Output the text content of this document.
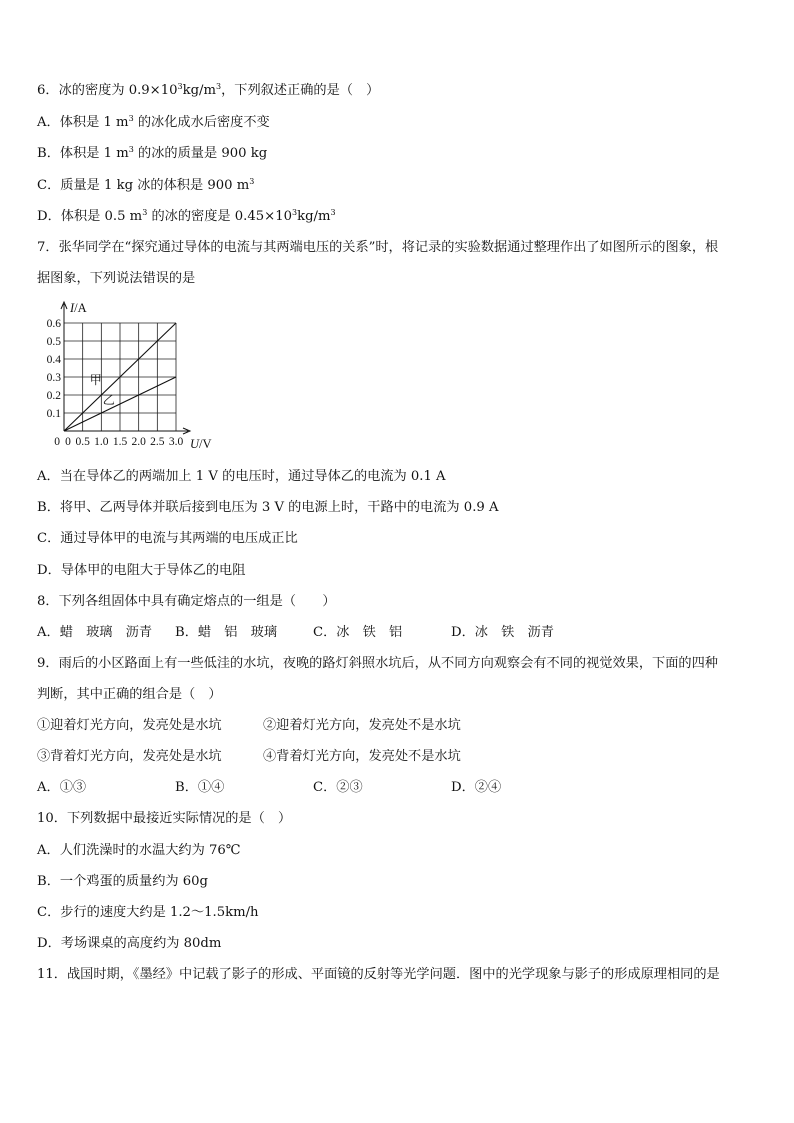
6．冰的密度为 $0.9\times 10^3kg/m^3$，下列叙述正确的是（　）
A．体积是 1 $m^3$ 的冰化成水后密度不变
B．体积是 1 $m^3$ 的冰的质量是 900 kg
C．质量是 1 kg 冰的体积是 900 $m^3$
D．体积是 0.5 $m^3$ 的冰的密度是 $0.45\times 10^3kg/m^3$
7．张华同学在“探究通过导体的电流与其两端电压的关系”时，将记录的实验数据通过整理作出了如图所示的图象，根
据图象，下列说法错误的是
甲
乙
0.1
0.2
0.3
0.4
0.5
0.6
0 0.5 1.0 1.5 2.0 2.5 3.0
0
I/A
U/V
A．当在导体乙的两端加上 1 V 的电压时，通过导体乙的电流为 0.1 A
B．将甲、乙两导体并联后接到电压为 3 V 的电源上时，干路中的电流为 0.9 A
C．通过导体甲的电流与其两端的电压成正比
D．导体甲的电阻大于导体乙的电阻
8．下列各组固体中具有确定熔点的一组是（　　）
A．蜡　玻璃　沥青 B．蜡　铝　玻璃	C．冰　铁　铝	D．冰　铁　沥青
9．雨后的小区路面上有一些低洼的水坑，夜晚的路灯斜照水坑后，从不同方向观察会有不同的视觉效果，下面的四种
判断，其中正确的组合是（　）
①迎着灯光方向，发亮处是水坑	②迎着灯光方向，发亮处不是水坑
③背着灯光方向，发亮处是水坑	④背着灯光方向，发亮处不是水坑
A．①③	B．①④	C．②③	D．②④
10．下列数据中最接近实际情况的是（　）
A．人们洗澡时的水温大约为 76℃
B．一个鸡蛋的质量约为 60g
C．步行的速度大约是 1.2～1.5km/h
D．考场课桌的高度约为 80dm
11．战国时期，《墨经》中记载了影子的形成、平面镜的反射等光学问题．图中的光学现象与影子的形成原理相同的是
